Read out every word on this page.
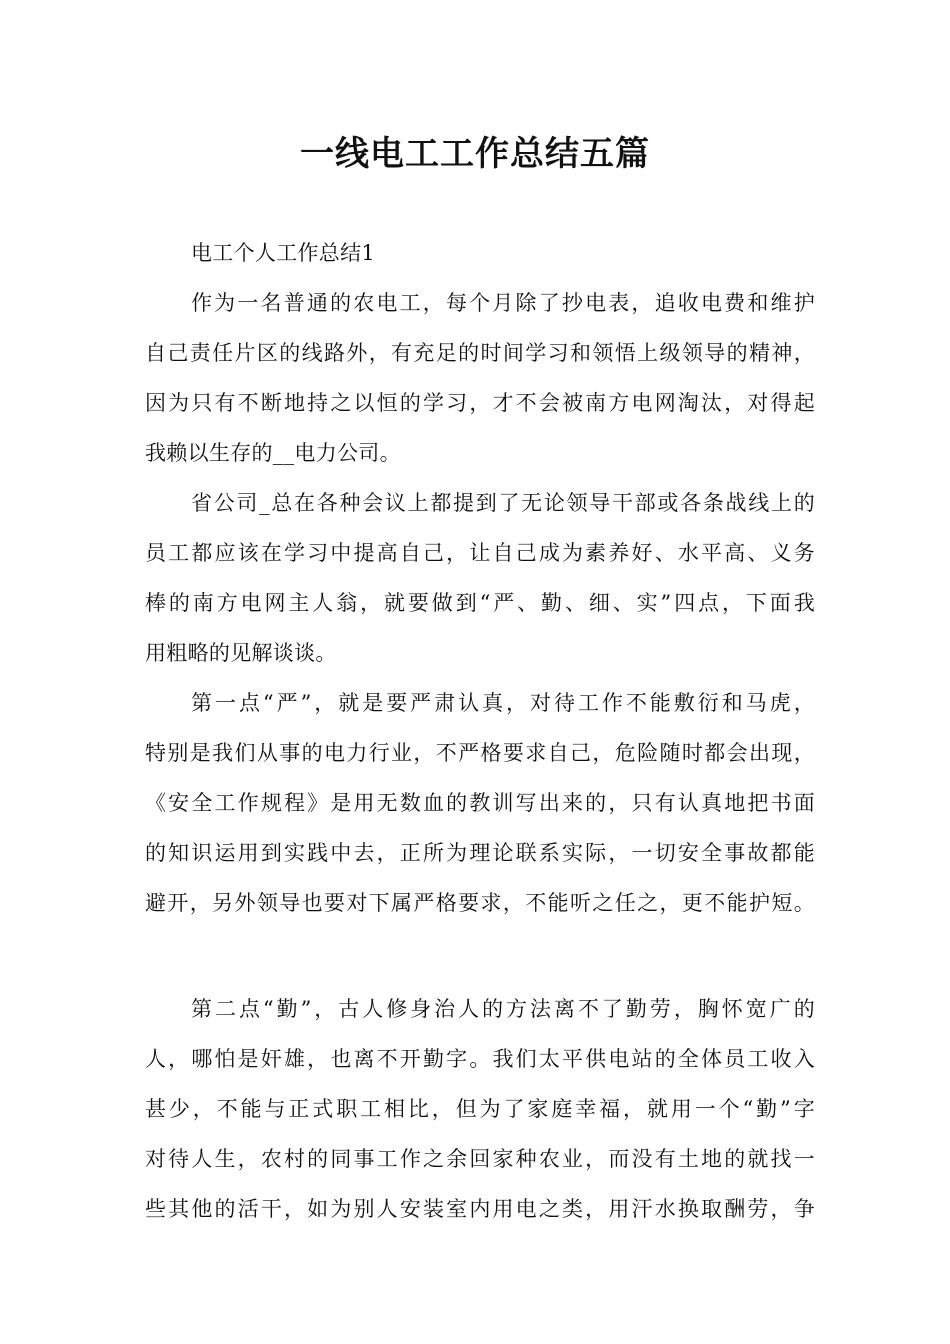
一线电工工作总结五篇
电工个人工作总结1
作为一名普通的农电工，每个月除了抄电表，追收电费和维护
自己责任片区的线路外，有充足的时间学习和领悟上级领导的精神，
因为只有不断地持之以恒的学习，才不会被南方电网淘汰，对得起
我赖以生存的__电力公司。
省公司_总在各种会议上都提到了无论领导干部或各条战线上的
员工都应该在学习中提高自己，让自己成为素养好、水平高、义务
棒的南方电网主人翁，就要做到“严、勤、细、实”四点，下面我
用粗略的见解谈谈。
第一点“严”，就是要严肃认真，对待工作不能敷衍和马虎，
特别是我们从事的电力行业，不严格要求自己，危险随时都会出现，
《安全工作规程》是用无数血的教训写出来的，只有认真地把书面
的知识运用到实践中去，正所为理论联系实际，一切安全事故都能
避开，另外领导也要对下属严格要求，不能听之任之，更不能护短。
第二点“勤”，古人修身治人的方法离不了勤劳，胸怀宽广的
人，哪怕是奸雄，也离不开勤字。我们太平供电站的全体员工收入
甚少，不能与正式职工相比，但为了家庭幸福，就用一个“勤”字
对待人生，农村的同事工作之余回家种农业，而没有土地的就找一
些其他的活干，如为别人安装室内用电之类，用汗水换取酬劳，争
